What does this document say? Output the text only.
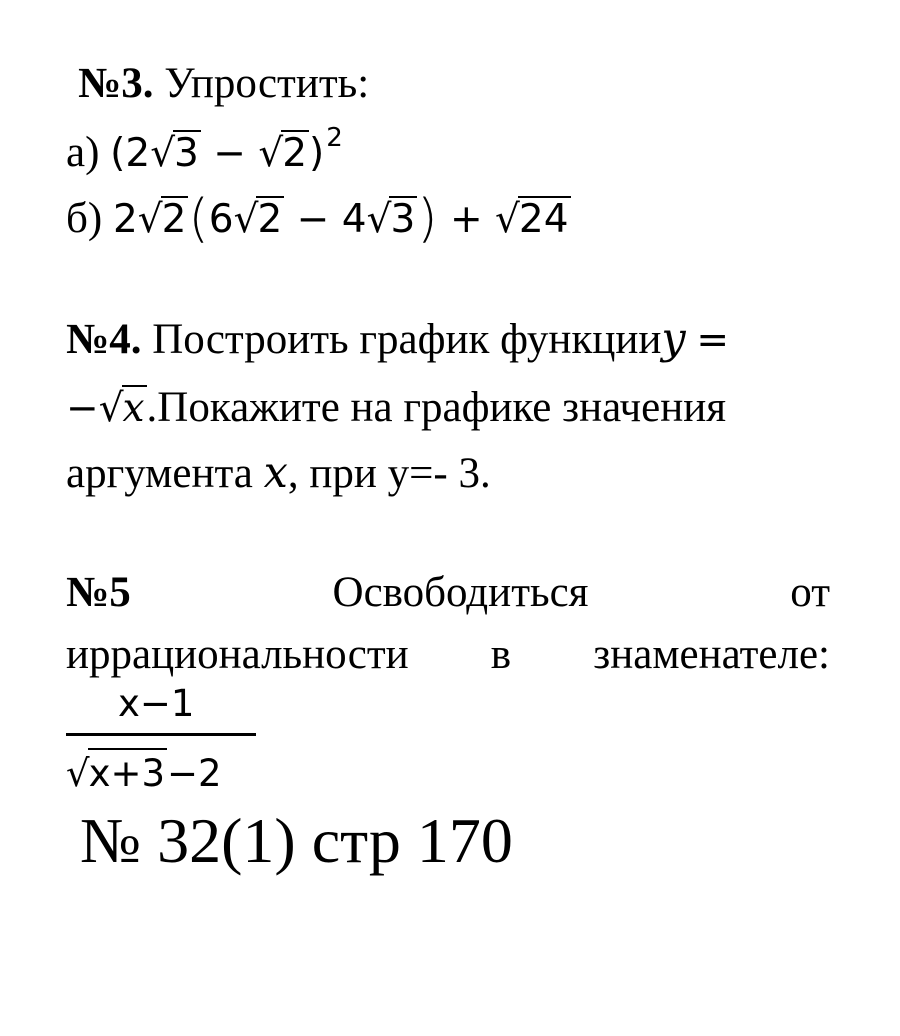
№3. Упростить:
а) $(2√3 - √2)^2$
б) 2√2(6√2 − 4√3) + √24
№4. Построить график функцииy =
−√x.Покажите на графике значения
аргумента x, при у=- 3.
№5	Освободиться	от
иррациональности в знаменателе:
x−1
√x+3−2
№ 32(1) стр 170
